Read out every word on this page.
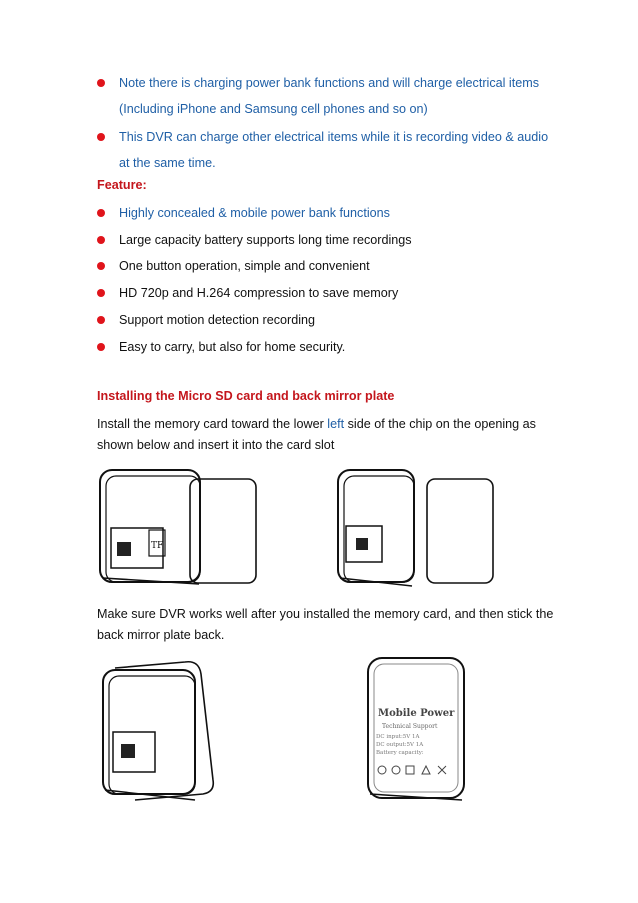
Note there is charging power bank functions and will charge electrical items (Including iPhone and Samsung cell phones and so on)
This DVR can charge other electrical items while it is recording video & audio at the same time.
Feature:
Highly concealed & mobile power bank functions
Large capacity battery supports long time recordings
One button operation, simple and convenient
HD 720p and H.264 compression to save memory
Support motion detection recording
Easy to carry, but also for home security.
Installing the Micro SD card and back mirror plate
Install the memory card toward the lower left side of the chip on the opening as shown below and insert it into the card slot
TF
Make sure DVR works well after you installed the memory card, and then stick the back mirror plate back.
Mobile Power
Technical Support
DC input:5V 1A
DC output:5V 1A
Battery capacity:
